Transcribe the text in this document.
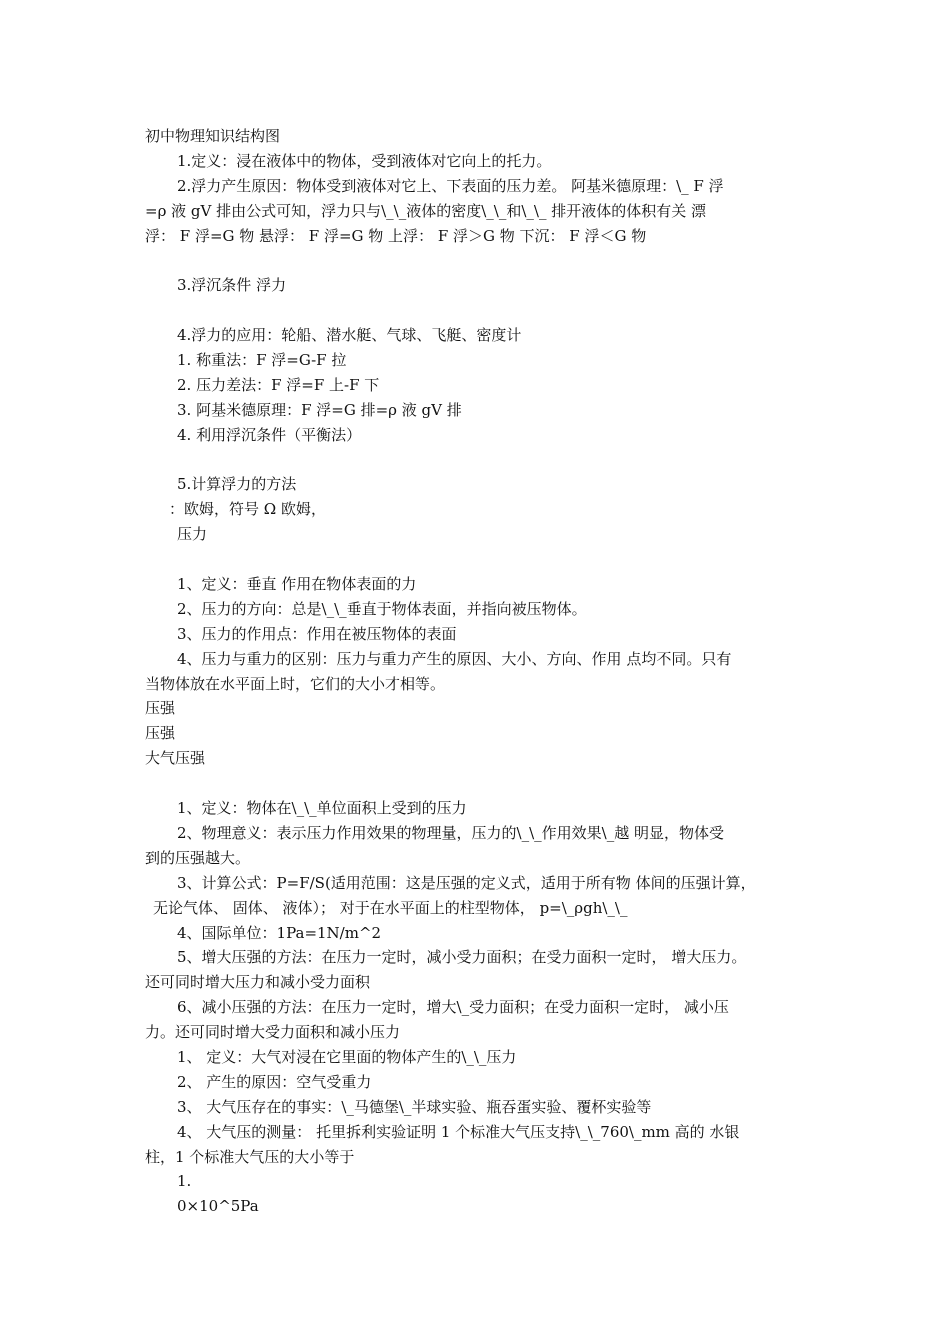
初中物理知识结构图
1.定义：浸在液体中的物体，受到液体对它向上的托力。
2.浮力产生原因：物体受到液体对它上、下表面的压力差。 阿基米德原理：\_ F 浮
=ρ 液 gV 排由公式可知，浮力只与\_\_液体的密度\_\_和\_\_ 排开液体的体积有关 漂
浮： F 浮=G 物 悬浮： F 浮=G 物 上浮： F 浮＞G 物 下沉： F 浮＜G 物
3.浮沉条件 浮力
4.浮力的应用：轮船、潜水艇、气球、飞艇、密度计
1. 称重法：F 浮=G-F 拉
2. 压力差法：F 浮=F 上-F 下
3. 阿基米德原理：F 浮=G 排=ρ 液 gV 排
4. 利用浮沉条件（平衡法）
5.计算浮力的方法
：欧姆，符号 Ω 欧姆，
压力
1、定义：垂直 作用在物体表面的力
2、压力的方向：总是\_\_垂直于物体表面，并指向被压物体。
3、压力的作用点：作用在被压物体的表面
4、压力与重力的区别：压力与重力产生的原因、大小、方向、作用 点均不同。只有
当物体放在水平面上时，它们的大小才相等。
压强
压强
大气压强
1、定义：物体在\_\_单位面积上受到的压力
2、物理意义：表示压力作用效果的物理量，压力的\_\_作用效果\_越 明显，物体受
到的压强越大。
3、计算公式：P=F/S(适用范围：这是压强的定义式，适用于所有物 体间的压强计算，
无论气体、 固体、 液体）； 对于在水平面上的柱型物体， p=\_ρgh\_\_
4、国际单位：1Pa=1N/m^2
5、增大压强的方法：在压力一定时，减小受力面积；在受力面积一定时， 增大压力。
还可同时增大压力和减小受力面积
6、减小压强的方法：在压力一定时，增大\_受力面积；在受力面积一定时， 减小压
力。还可同时增大受力面积和减小压力
1、 定义：大气对浸在它里面的物体产生的\_\_压力
2、 产生的原因：空气受重力
3、 大气压存在的事实：\_马德堡\_半球实验、瓶吞蛋实验、覆杯实验等
4、 大气压的测量： 托里拆利实验证明 1 个标准大气压支持\_\_760\_mm 高的 水银
柱，1 个标准大气压的大小等于
1.
0×10^5Pa
